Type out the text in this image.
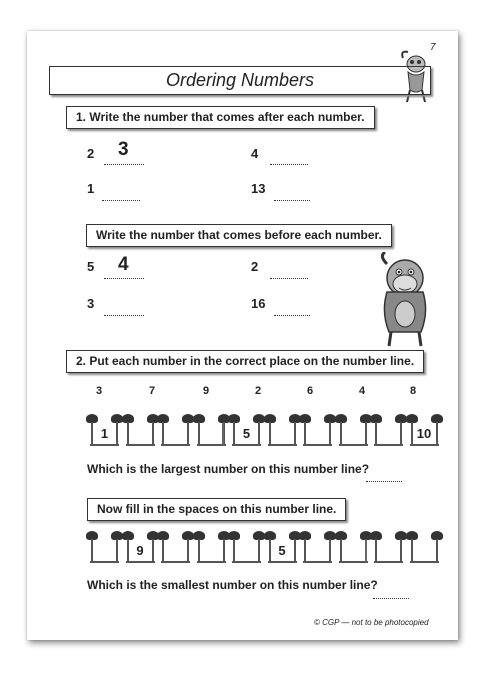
7
Ordering Numbers
1. Write the number that comes after each number.
2 3	4
1	13
Write the number that comes before each number.
5 4	2
3	16
2. Put each number in the correct place on the number line.
3	7	9	2	6	4	8
1	5	10
Which is the largest number on this number line?
Now fill in the spaces on this number line.
9	5
Which is the smallest number on this number line?
© CGP — not to be photocopied
